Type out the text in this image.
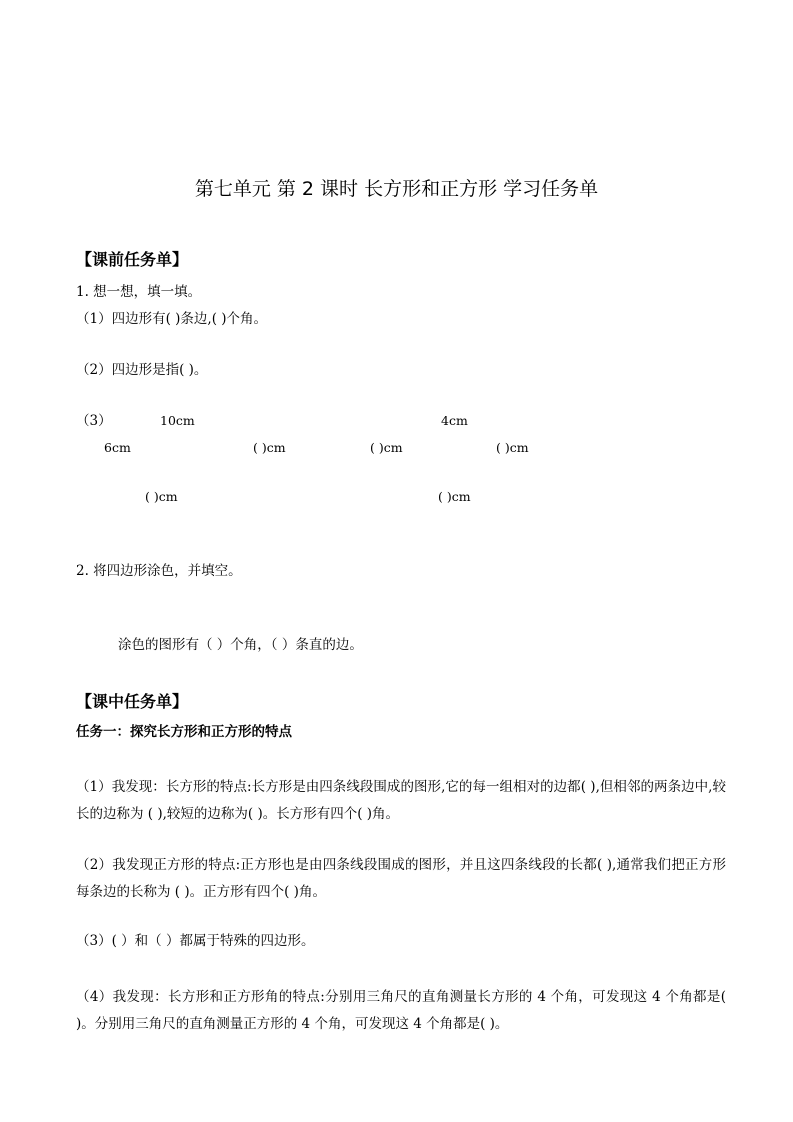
第七单元 第 2 课时 长方形和正方形 学习任务单
【课前任务单】
1. 想一想，填一填。
（1）四边形有( )条边,( )个角。
（2）四边形是指( )。
（3）	10cm	4cm
6cm	( )cm	( )cm	( )cm
( )cm	( )cm
2. 将四边形涂色，并填空。
涂色的图形有（ ）个角，（ ）条直的边。
【课中任务单】
任务一：探究长方形和正方形的特点
（1）我发现：长方形的特点:长方形是由四条线段围成的图形,它的每一组相对的边都( ),但相邻的两条边中,较长的边称为 ( ),较短的边称为( )。长方形有四个( )角。
（2）我发现正方形的特点:正方形也是由四条线段围成的图形，并且这四条线段的长都( ),通常我们把正方形每条边的长称为 ( )。正方形有四个( )角。
（3）( ）和（ ）都属于特殊的四边形。
（4）我发现：长方形和正方形角的特点:分别用三角尺的直角测量长方形的 4 个角，可发现这 4 个角都是( )。分别用三角尺的直角测量正方形的 4 个角，可发现这 4 个角都是( )。
